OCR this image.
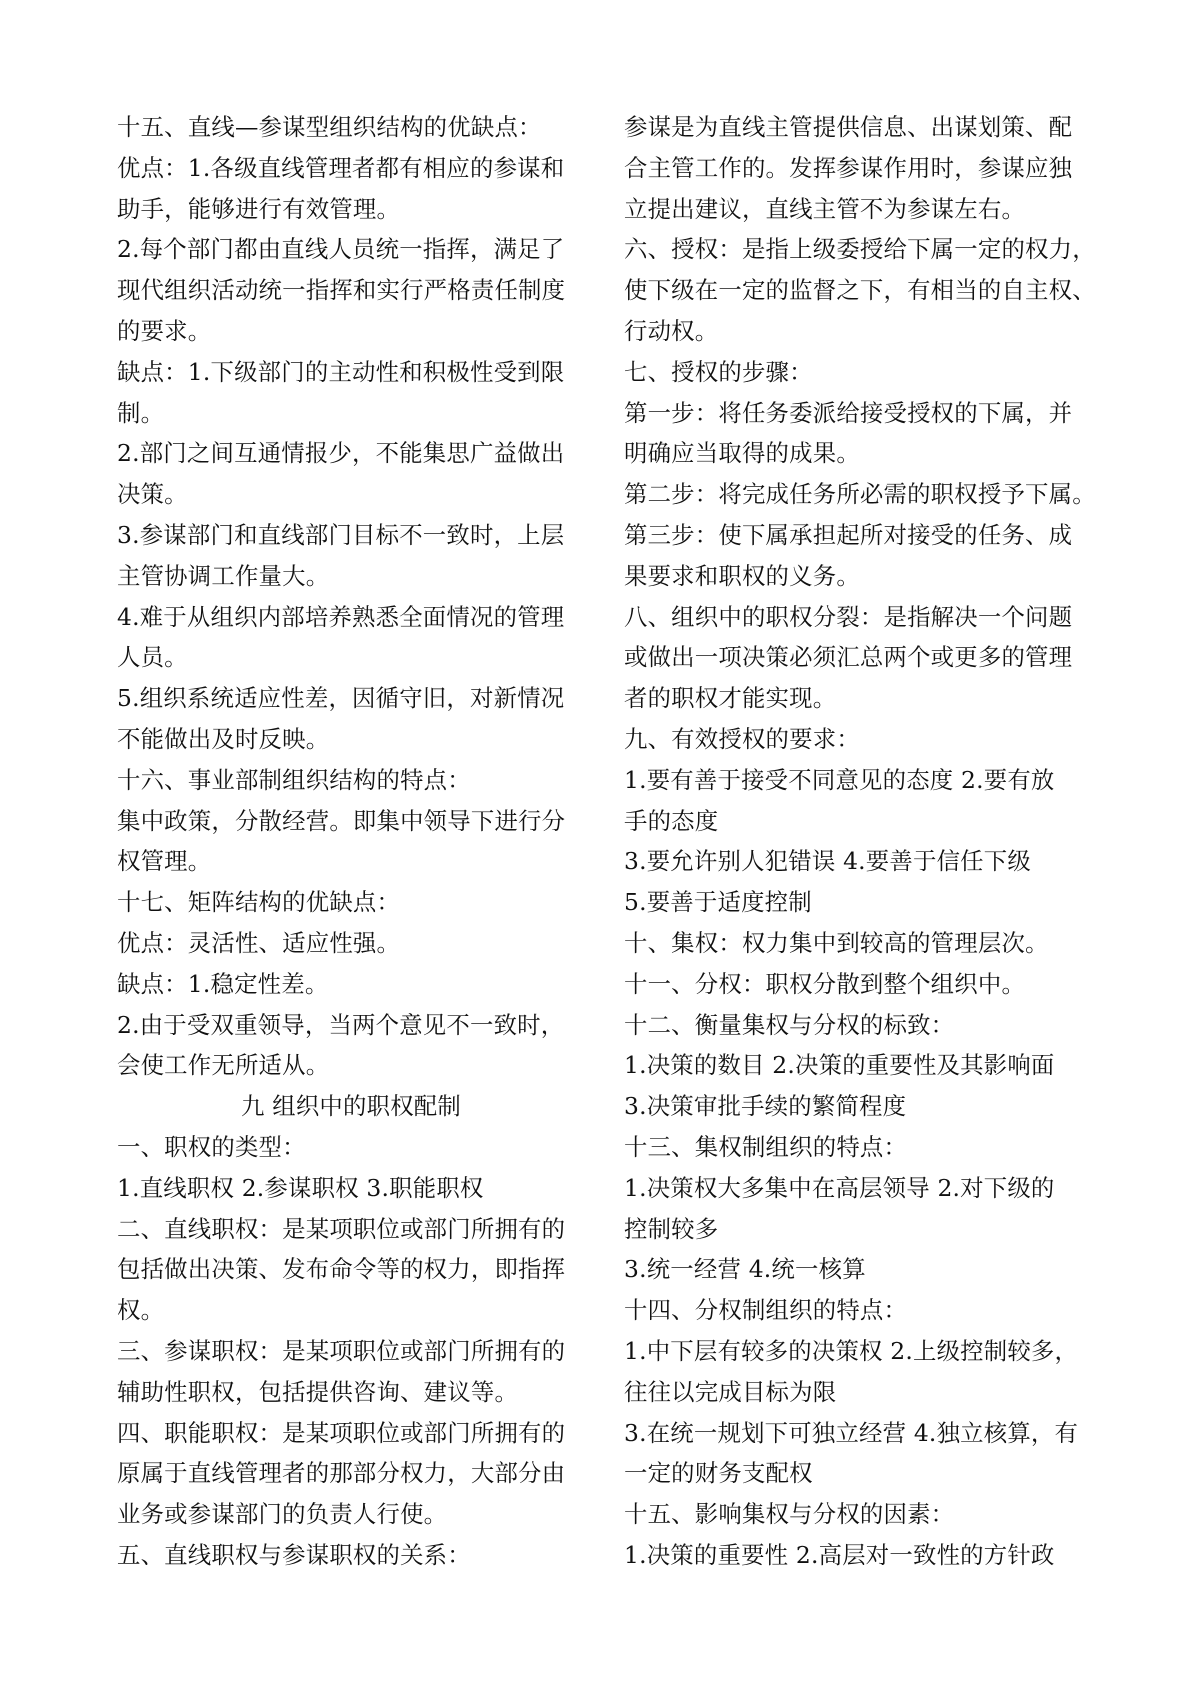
十五、直线—参谋型组织结构的优缺点：
优点：1.各级直线管理者都有相应的参谋和
助手，能够进行有效管理。
2.每个部门都由直线人员统一指挥，满足了
现代组织活动统一指挥和实行严格责任制度
的要求。
缺点：1.下级部门的主动性和积极性受到限
制。
2.部门之间互通情报少，不能集思广益做出
决策。
3.参谋部门和直线部门目标不一致时，上层
主管协调工作量大。
4.难于从组织内部培养熟悉全面情况的管理
人员。
5.组织系统适应性差，因循守旧，对新情况
不能做出及时反映。
十六、事业部制组织结构的特点：
集中政策，分散经营。即集中领导下进行分
权管理。
十七、矩阵结构的优缺点：
优点：灵活性、适应性强。
缺点：1.稳定性差。
2.由于受双重领导，当两个意见不一致时，
会使工作无所适从。
九 组织中的职权配制
一、职权的类型：
1.直线职权 2.参谋职权 3.职能职权
二、直线职权：是某项职位或部门所拥有的
包括做出决策、发布命令等的权力，即指挥
权。
三、参谋职权：是某项职位或部门所拥有的
辅助性职权，包括提供咨询、建议等。
四、职能职权：是某项职位或部门所拥有的
原属于直线管理者的那部分权力，大部分由
业务或参谋部门的负责人行使。
五、直线职权与参谋职权的关系：
参谋是为直线主管提供信息、出谋划策、配
合主管工作的。发挥参谋作用时，参谋应独
立提出建议，直线主管不为参谋左右。
六、授权：是指上级委授给下属一定的权力，
使下级在一定的监督之下，有相当的自主权、
行动权。
七、授权的步骤：
第一步：将任务委派给接受授权的下属，并
明确应当取得的成果。
第二步：将完成任务所必需的职权授予下属。
第三步：使下属承担起所对接受的任务、成
果要求和职权的义务。
八、组织中的职权分裂：是指解决一个问题
或做出一项决策必须汇总两个或更多的管理
者的职权才能实现。
九、有效授权的要求：
1.要有善于接受不同意见的态度 2.要有放
手的态度
3.要允许别人犯错误 4.要善于信任下级
5.要善于适度控制
十、集权：权力集中到较高的管理层次。
十一、分权：职权分散到整个组织中。
十二、衡量集权与分权的标致：
1.决策的数目 2.决策的重要性及其影响面
3.决策审批手续的繁简程度
十三、集权制组织的特点：
1.决策权大多集中在高层领导 2.对下级的
控制较多
3.统一经营 4.统一核算
十四、分权制组织的特点：
1.中下层有较多的决策权 2.上级控制较多，
往往以完成目标为限
3.在统一规划下可独立经营 4.独立核算，有
一定的财务支配权
十五、影响集权与分权的因素：
1.决策的重要性 2.高层对一致性的方针政
